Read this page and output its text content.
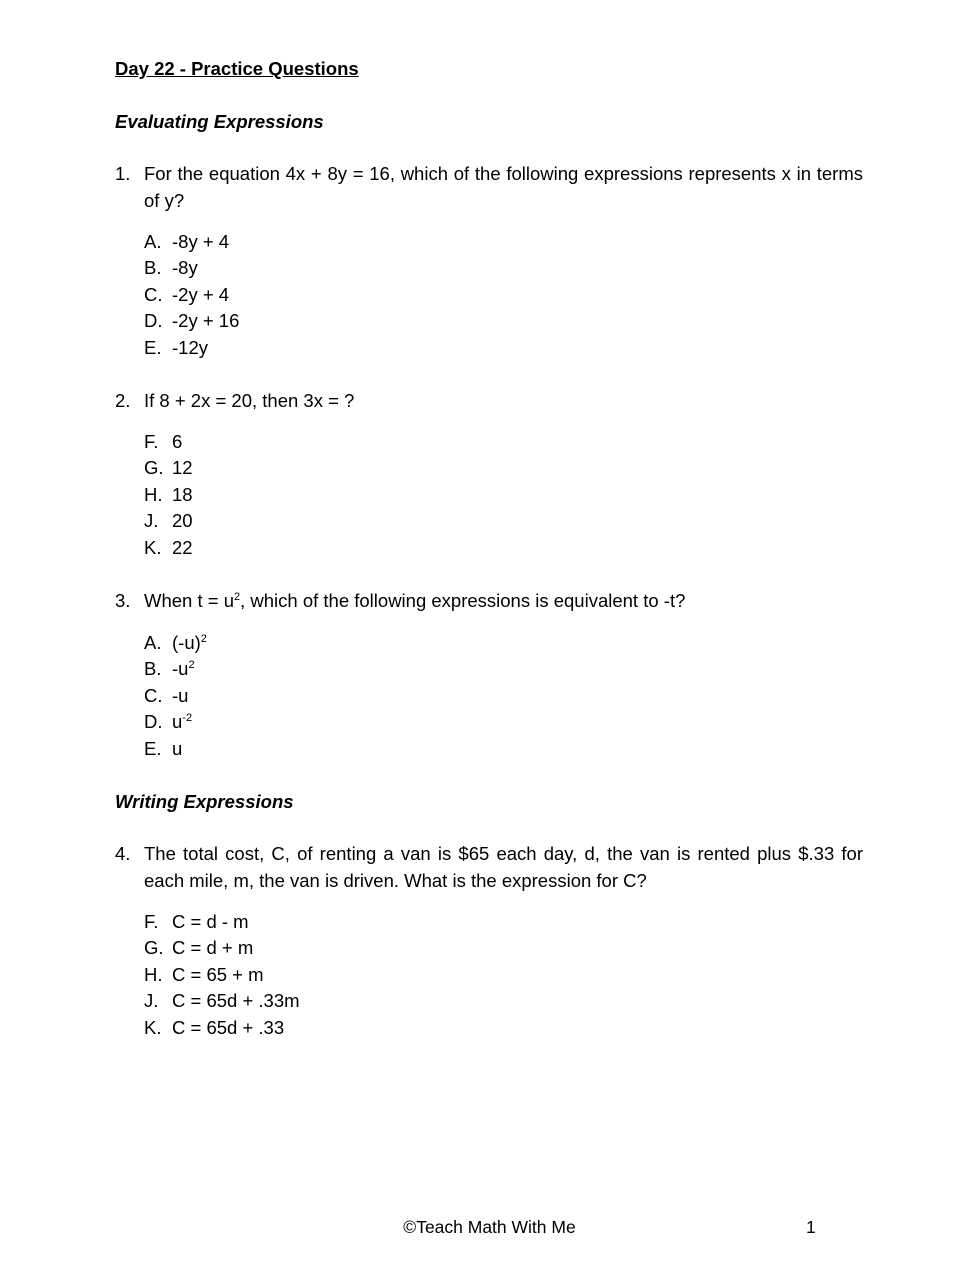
Day 22 - Practice Questions
Evaluating Expressions
1. For the equation 4x + 8y = 16, which of the following expressions represents x in terms of y?
A. -8y + 4
B. -8y
C. -2y + 4
D. -2y + 16
E. -12y
2. If 8 + 2x = 20, then 3x = ?
F. 6
G. 12
H. 18
J. 20
K. 22
3. When $t = u^2$, which of the following expressions is equivalent to -t?
A. $(-u)^2$
B. $-u^2$
C. -u
D. $u^{-2}$
E. u
Writing Expressions
4. The total cost, C, of renting a van is $65 each day, d, the van is rented plus $.33 for each mile, m, the van is driven. What is the expression for C?
F. C = d - m
G. C = d + m
H. C = 65 + m
J. C = 65d + .33m
K. C = 65d + .33
©Teach Math With Me	1
